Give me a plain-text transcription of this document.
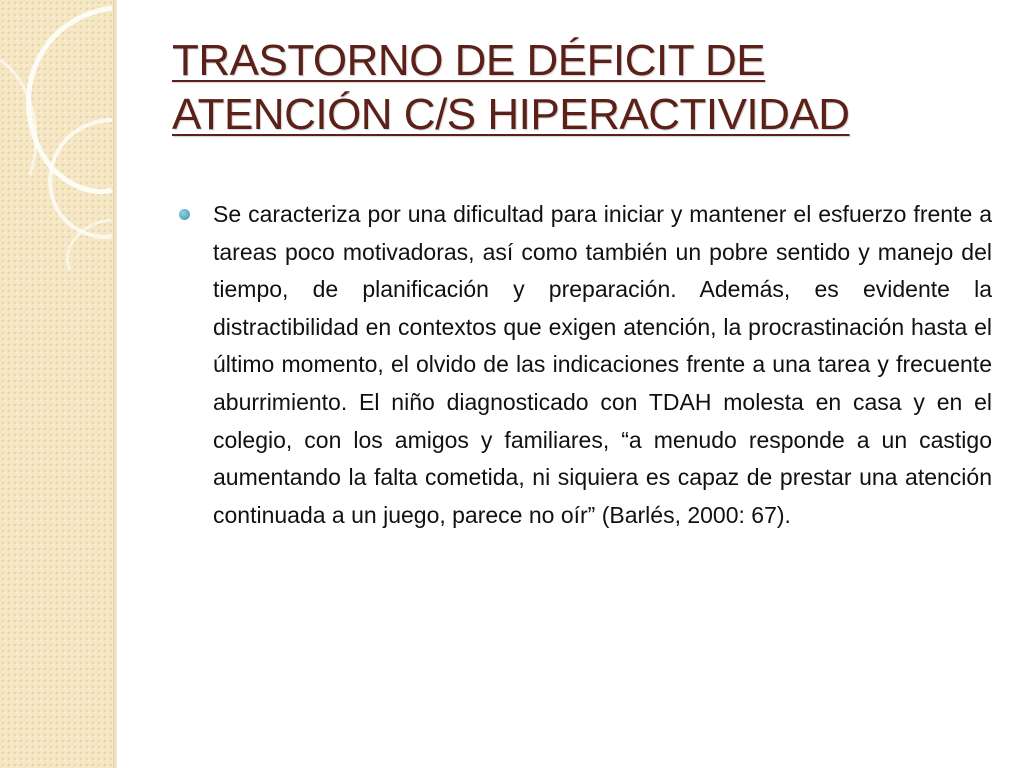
TRASTORNO DE DÉFICIT DE
ATENCIÓN C/S HIPERACTIVIDAD

Se caracteriza por una dificultad para iniciar y mantener el esfuerzo frente a tareas poco motivadoras, así como también un pobre sentido y manejo del tiempo, de planificación y preparación. Además, es evidente la distractibilidad en contextos que exigen atención, la procrastinación hasta el último momento, el olvido de las indicaciones frente a una tarea y frecuente aburrimiento. El niño diagnosticado con TDAH molesta en casa y en el colegio, con los amigos y familiares, “a menudo responde a un castigo aumentando la falta cometida, ni siquiera es capaz de prestar una atención continuada a un juego, parece no oír” (Barlés, 2000: 67).
